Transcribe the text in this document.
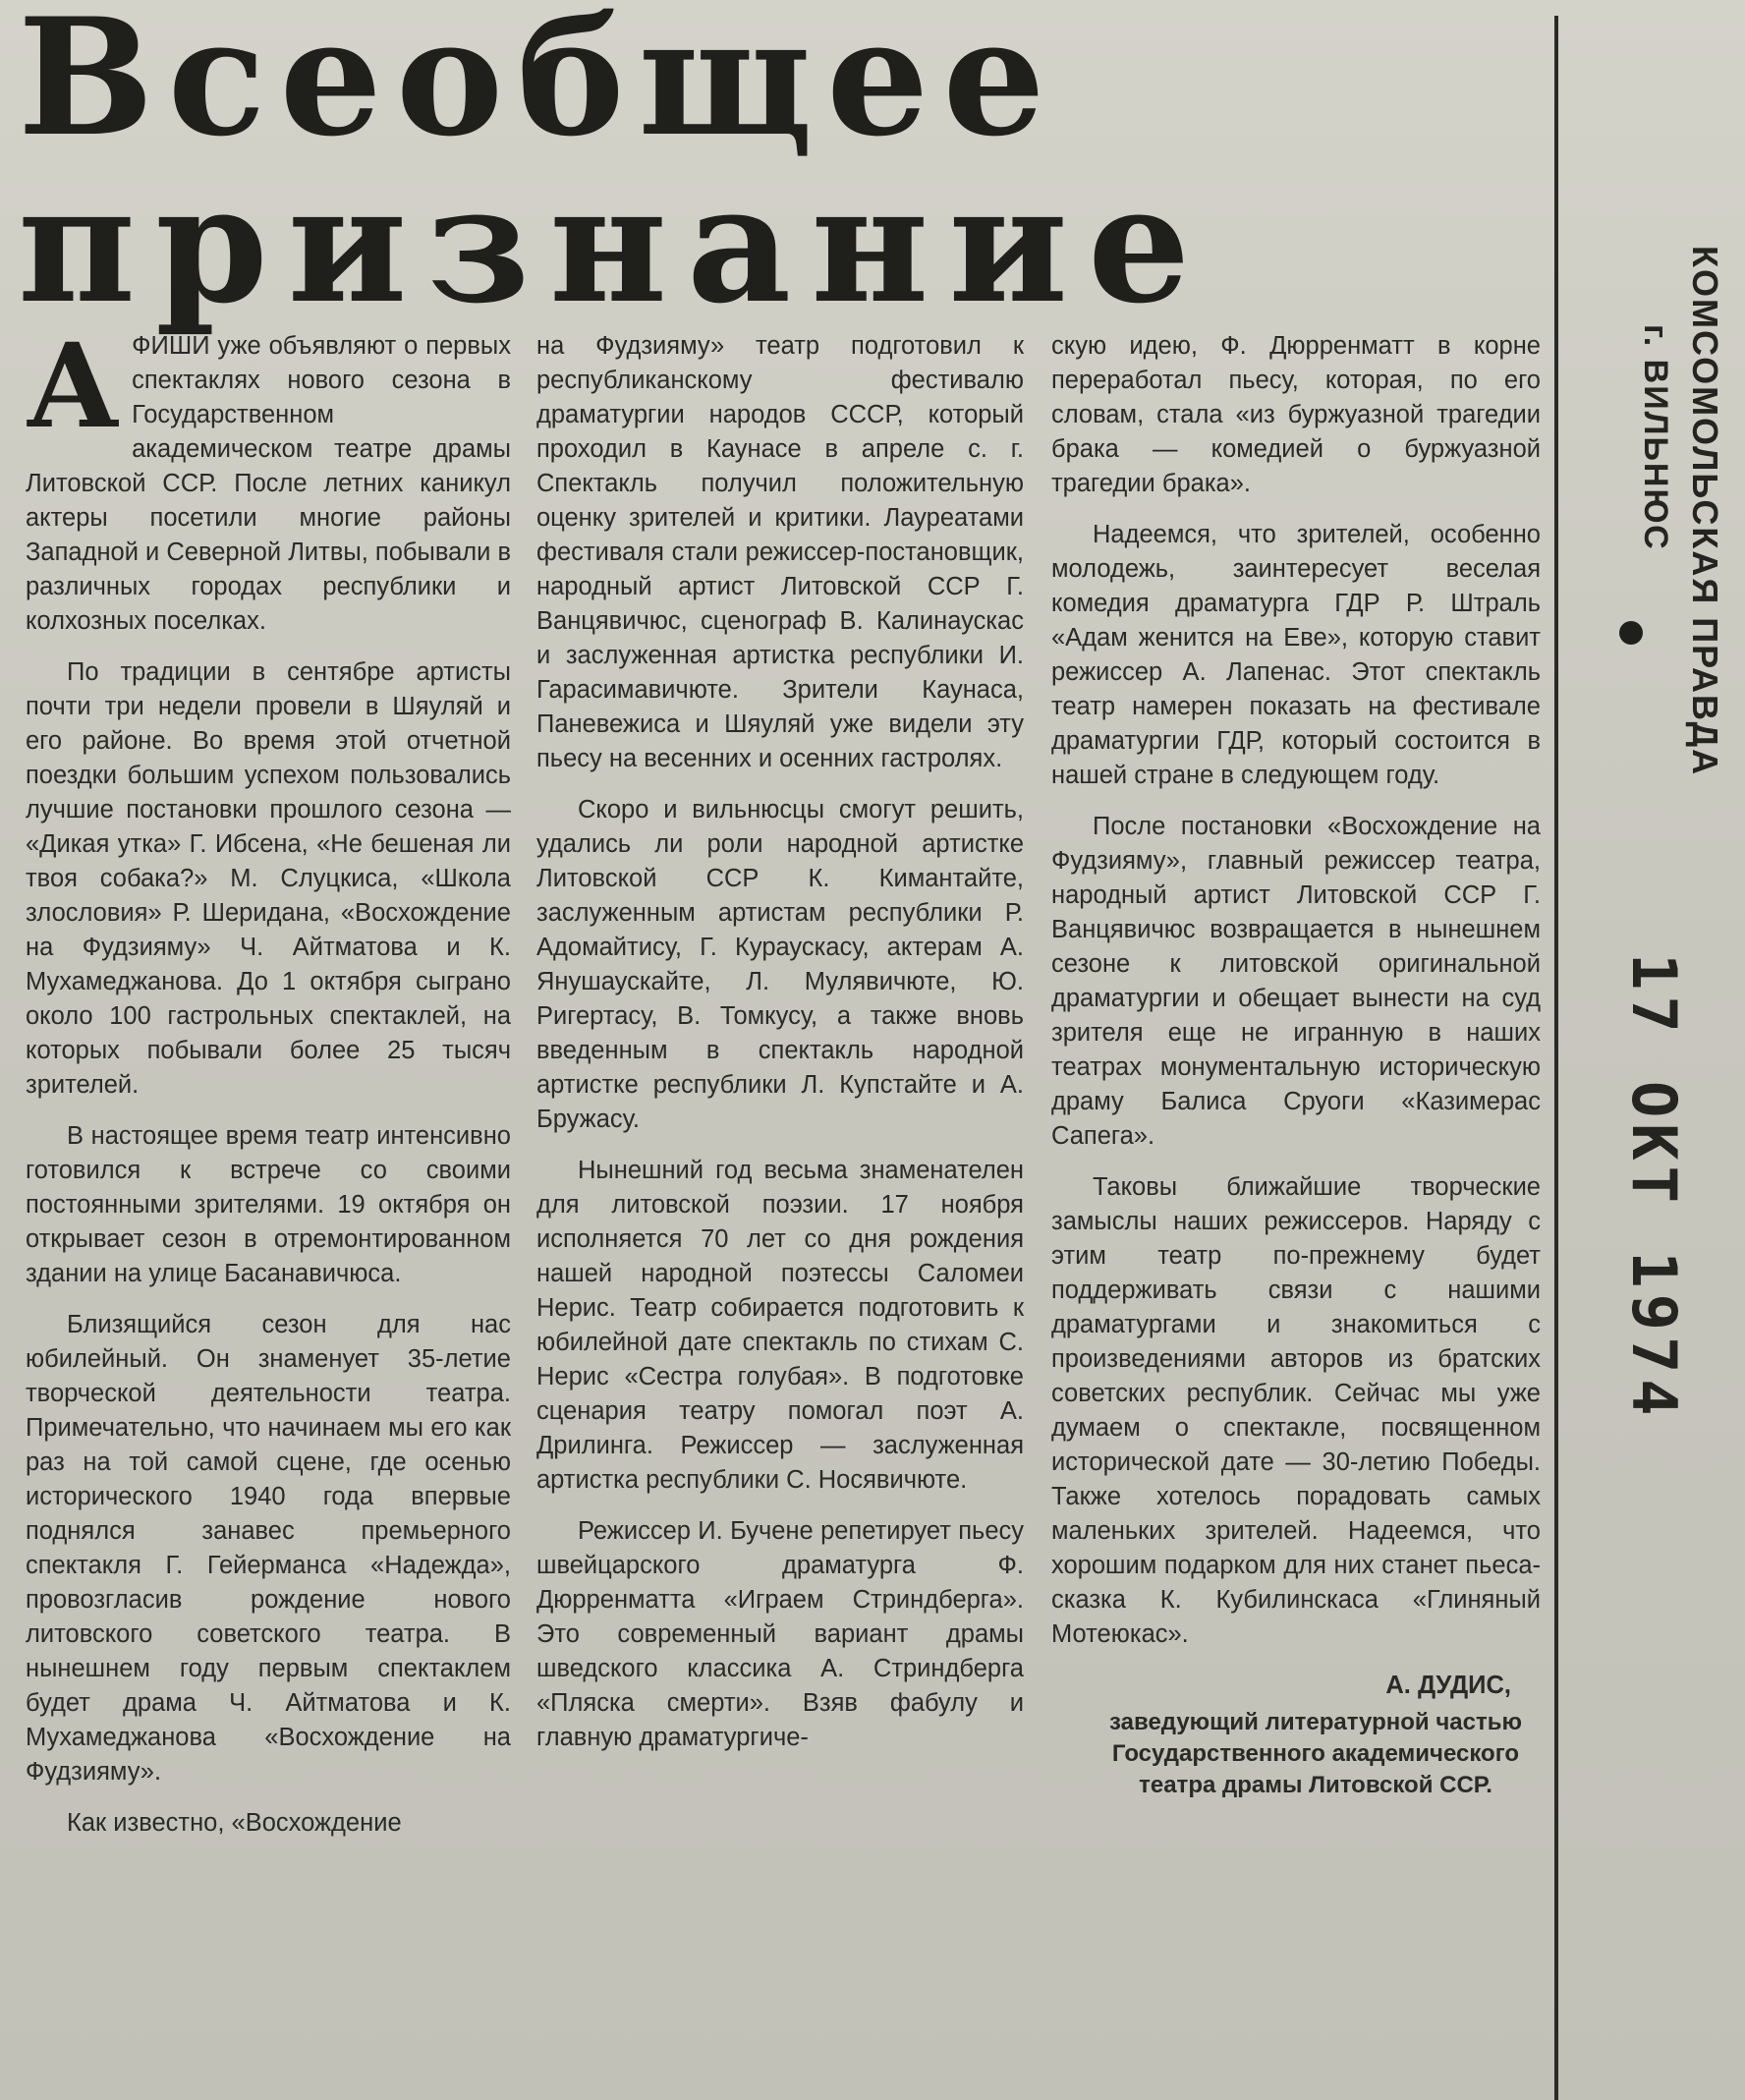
Всеобщее
признание

АФИШИ уже объявляют о первых спектаклях нового сезона в Государственном академическом театре драмы Литовской ССР. После летних каникул актеры посетили многие районы Западной и Северной Литвы, побывали в различных городах республики и колхозных поселках.

По традиции в сентябре артисты почти три недели провели в Шяуляй и его районе. Во время этой отчетной поездки большим успехом пользовались лучшие постановки прошлого сезона — «Дикая утка» Г. Ибсена, «Не бешеная ли твоя собака?» М. Слуцкиса, «Школа злословия» Р. Шеридана, «Восхождение на Фудзияму» Ч. Айтматова и К. Мухамеджанова. До 1 октября сыграно около 100 гастрольных спектаклей, на которых побывали более 25 тысяч зрителей.

В настоящее время театр интенсивно готовился к встрече со своими постоянными зрителями. 19 октября он открывает сезон в отремонтированном здании на улице Басанавичюса.

Близящийся сезон для нас юбилейный. Он знаменует 35-летие творческой деятельности театра. Примечательно, что начинаем мы его как раз на той самой сцене, где осенью исторического 1940 года впервые поднялся занавес премьерного спектакля Г. Гейерманса «Надежда», провозгласив рождение нового литовского советского театра. В нынешнем году первым спектаклем будет драма Ч. Айтматова и К. Мухамеджанова «Восхождение на Фудзияму».

Как известно, «Восхождение

на Фудзияму» театр подготовил к республиканскому фестивалю драматургии народов СССР, который проходил в Каунасе в апреле с. г. Спектакль получил положительную оценку зрителей и критики. Лауреатами фестиваля стали режиссер-постановщик, народный артист Литовской ССР Г. Ванцявичюс, сценограф В. Калинаускас и заслуженная артистка республики И. Гарасимавичюте. Зрители Каунаса, Паневежиса и Шяуляй уже видели эту пьесу на весенних и осенних гастролях.

Скоро и вильнюсцы смогут решить, удались ли роли народной артистке Литовской ССР К. Кимантайте, заслуженным артистам республики Р. Адомайтису, Г. Кураускасу, актерам А. Янушаускайте, Л. Мулявичюте, Ю. Ригертасу, В. Томкусу, а также вновь введенным в спектакль народной артистке республики Л. Купстайте и А. Бружасу.

Нынешний год весьма знаменателен для литовской поэзии. 17 ноября исполняется 70 лет со дня рождения нашей народной поэтессы Саломеи Нерис. Театр собирается подготовить к юбилейной дате спектакль по стихам С. Нерис «Сестра голубая». В подготовке сценария театру помогал поэт А. Дрилинга. Режиссер — заслуженная артистка республики С. Носявичюте.

Режиссер И. Бучене репетирует пьесу швейцарского драматурга Ф. Дюрренматта «Играем Стриндберга». Это современный вариант драмы шведского классика А. Стриндберга «Пляска смерти». Взяв фабулу и главную драматургиче-

скую идею, Ф. Дюрренматт в корне переработал пьесу, которая, по его словам, стала «из буржуазной трагедии брака — комедией о буржуазной трагедии брака».

Надеемся, что зрителей, особенно молодежь, заинтересует веселая комедия драматурга ГДР Р. Штраль «Адам женится на Еве», которую ставит режиссер А. Лапенас. Этот спектакль театр намерен показать на фестивале драматургии ГДР, который состоится в нашей стране в следующем году.

После постановки «Восхождение на Фудзияму», главный режиссер театра, народный артист Литовской ССР Г. Ванцявичюс возвращается в нынешнем сезоне к литовской оригинальной драматургии и обещает вынести на суд зрителя еще не игранную в наших театрах монументальную историческую драму Балиса Сруоги «Казимерас Сапега».

Таковы ближайшие творческие замыслы наших режиссеров. Наряду с этим театр по-прежнему будет поддерживать связи с нашими драматургами и знакомиться с произведениями авторов из братских советских республик. Сейчас мы уже думаем о спектакле, посвященном исторической дате — 30-летию Победы. Также хотелось порадовать самых маленьких зрителей. Надеемся, что хорошим подарком для них станет пьеса-сказка К. Кубилинскаса «Глиняный Мотеюкас».

А. ДУДИС,
заведующий литературной частью Государственного академического театра драмы Литовской ССР.
КОМСОМОЛЬСКАЯ ПРАВДА
г. ВИЛЬНЮС
17 ОКТ 1974
